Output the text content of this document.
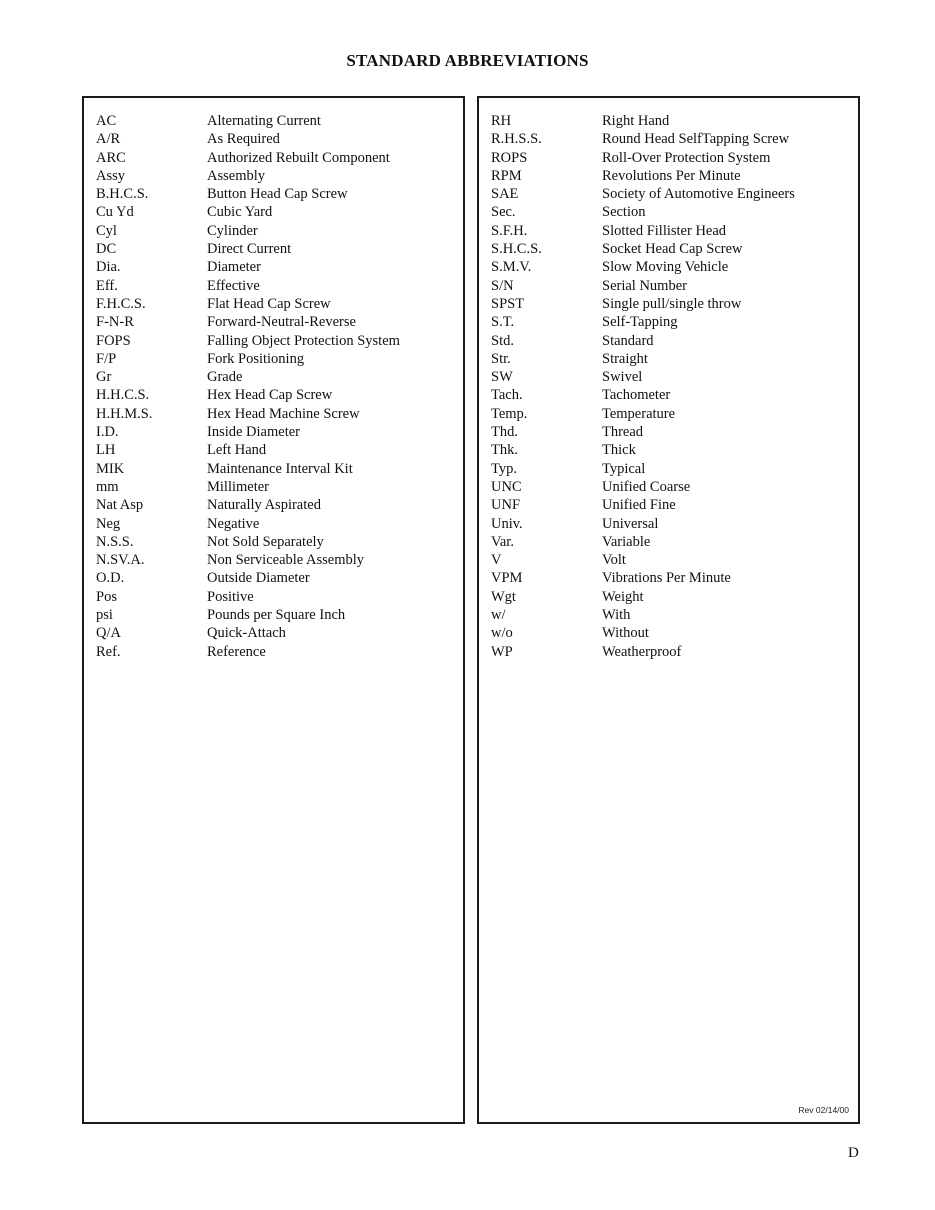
STANDARD ABBREVIATIONS
AC	Alternating Current
A/R	As Required
ARC	Authorized Rebuilt Component
Assy	Assembly
B.H.C.S.	Button Head Cap Screw
Cu Yd	Cubic Yard
Cyl	Cylinder
DC	Direct Current
Dia.	Diameter
Eff.	Effective
F.H.C.S.	Flat Head Cap Screw
F-N-R	Forward-Neutral-Reverse
FOPS	Falling Object Protection System
F/P	Fork Positioning
Gr	Grade
H.H.C.S.	Hex Head Cap Screw
H.H.M.S.	Hex Head Machine Screw
I.D.	Inside Diameter
LH	Left Hand
MIK	Maintenance Interval Kit
mm	Millimeter
Nat Asp	Naturally Aspirated
Neg	Negative
N.S.S.	Not Sold Separately
N.SV.A.	Non Serviceable Assembly
O.D.	Outside Diameter
Pos	Positive
psi	Pounds per Square Inch
Q/A	Quick-Attach
Ref.	Reference
RH	Right Hand
R.H.S.S.	Round Head SelfTapping Screw
ROPS	Roll-Over Protection System
RPM	Revolutions Per Minute
SAE	Society of Automotive Engineers
Sec.	Section
S.F.H.	Slotted Fillister Head
S.H.C.S.	Socket Head Cap Screw
S.M.V.	Slow Moving Vehicle
S/N	Serial Number
SPST	Single pull/single throw
S.T.	Self-Tapping
Std.	Standard
Str.	Straight
SW	Swivel
Tach.	Tachometer
Temp.	Temperature
Thd.	Thread
Thk.	Thick
Typ.	Typical
UNC	Unified Coarse
UNF	Unified Fine
Univ.	Universal
Var.	Variable
V	Volt
VPM	Vibrations Per Minute
Wgt	Weight
w/	With
w/o	Without
WP	Weatherproof
Rev 02/14/00
D
